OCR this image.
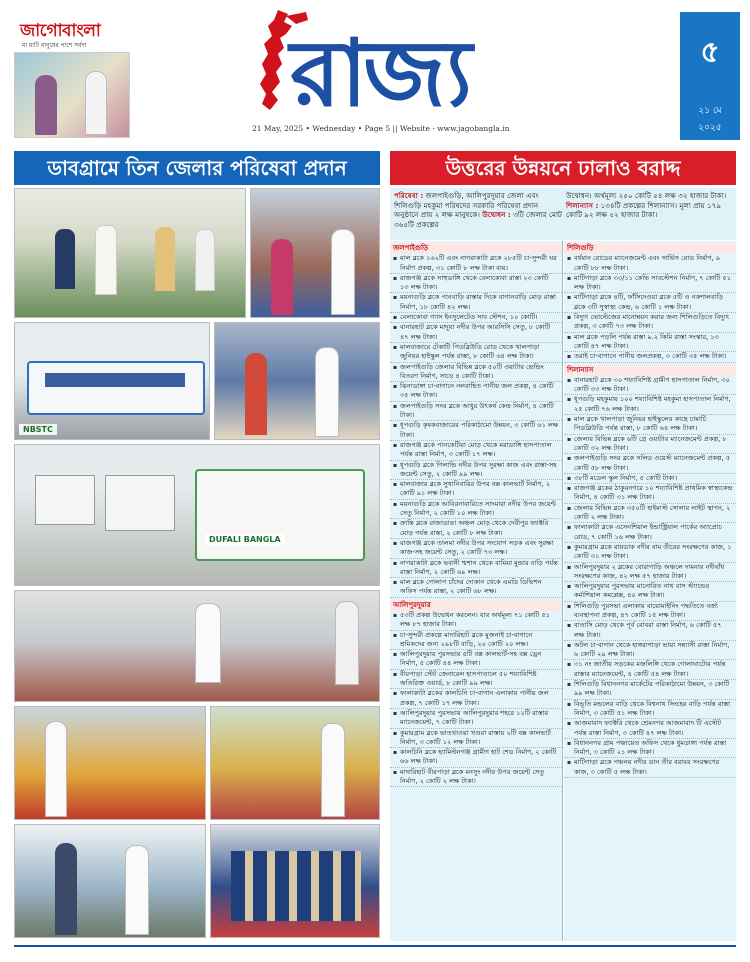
জাগোবাংলা
মা মাটি মানুষের পাশে সর্বদা রাজ্য
21 May, 2025 • Wednesday • Page 5 || Website - www.jagobangla.in
৫
২১ মে
২০২৫
ডাবগ্রামে তিন জেলার পরিষেবা প্রদান	উত্তরের উন্নয়নে ঢালাও বরাদ্দ
NBSTC
DUFALI BANGLA
পরিষেবা : জলপাইগুড়ি, আলিপুরদুয়ার জেলা এবং শিলিগুড়ি মহকুমা পরিষদের সরকারি পরিষেবা প্রদান অনুষ্ঠানে প্রায় ২ লক্ষ মানুষকে। উদ্বোধন : ৩টি জেলার মোট ৩৬৫টি প্রকল্পের
উদ্বোধন। অর্থমূল্য ২৫০ কোটি ৫৪ লক্ষ ৩২ হাজার টাকা। শিলান্যাস : ১৩৪টি প্রকল্পের শিলান্যাস। মূল্য প্রায় ১৭৯ কোটি ৯২ লক্ষ ৫২ হাজার টাকা।
জলপাইগুড়ি
▪ মাল ব্লকে ১৬২টি এবং নাগরাকাটা ব্লকে ২৮৫টি চা-সুন্দরী ঘর নির্মাণ প্রকল্প, ৩১ কোটি ৮ লক্ষ টাকা ব্যয়।
▪ রাজগঞ্জ ব্লকে সাহুডাঙ্গি থেকে বেলাকোবা রাস্তা ২৩ কোটি ১৩ লক্ষ টাকা।
▪ ময়নাগুড়ি ব্লকে পানবাড়ি রাস্তার দিকে বাগানবাড়ি মোড় রাস্তা নির্মাণ, ১৮ কোটি ৪২ লক্ষ।
▪ বেলাকোবা গ্যাস ইনসুলেটেড সাব স্টেশন, ১০ কোটি।
▪ বানারহাট ব্লকে মাদুয়া নদীর উপর আরসিসি সেতু, ৮ কোটি ৪৭ লক্ষ টাকা।
▪ মালবাজারে টেকাটি পিডব্লিউডি রোড থেকে খালপাড়া জুনিয়র হাইস্কুল পর্যন্ত রাস্তা, ৮ কোটি ৬৪ লক্ষ টাকা।
▪ জলপাইগুড়ি জেলার বিভিন্ন ব্লকে ৫০টি ওয়াটার ভেন্ডিং বিতরণ নির্মাণ, সাড়ে ৪ কোটি টাকা।
▪ ঝিনাডাঙ্গা চা-বাগানে নলবাহিত পানীয় জল প্রকল্প, ৪ কোটি ৩৫ লক্ষ টাকা।
▪ জলপাইগুড়ি সদর ব্লকে আধুর উৎকর্ষ কেন্দ্র নির্মাণ, ৪ কোটি টাকা।
▪ ধূপগুড়ি কৃষকবাজারের পরিকাঠামো উন্নয়ন, ৩ কোটি ৬১ লক্ষ টাকা।
▪ রাজগঞ্জ ব্লকে পানকেটিয়া মোড় থেকে মরাডাঙ্গি হাসপাতাল পর্যন্ত রাস্তা নির্মাণ, ৩ কোটি ১৭ লক্ষ।
▪ ধূপগুড়ি ব্লকে গিলান্ডি নদীর উপর সুরক্ষা কাজ এবং রাস্তা-সহ জয়েন্ট সেতু, ২ কোটি ৯৯ লক্ষ।
▪ মালবাজার ব্লকে সুখানিবারির উপর বক্স কালভার্ট নির্মাণ, ২ কোটি ৯১ লক্ষ টাকা।
▪ ময়নাগুড়ি ব্লকে আবিরনাবারিতে সাদমারা নদীর উপর জয়েন্ট সেতু নির্মাণ, ২ কোটি ১০ লক্ষ টাকা।
▪ ক্রান্তি ব্লকে রাজাডাঙা অঞ্চল মোড় থেকে দেবীপুর ফ্যাক্টরি মোড় পর্যন্ত রাস্তা, ২ কোটি ৮ লক্ষ টাকা।
▪ রাজগঞ্জ ব্লকে তালমা নদীর উপর সংযোগ সড়ক এবং সুরক্ষা কাজ-সহ জয়েন্ট সেতু, ২ কোটি ৭৩ লক্ষ।
▪ নাগরাকাটা ব্লকে ভবানী শ্মশান থেকে বামিয়া মুন্ডার বাড়ি পর্যন্ত রাস্তা নির্মাণ, ২ কোটি ৬৯ লক্ষ।
▪ মাল ব্লকে গোলাপ চাঁদের দোকান থেকে এমডি ডিভিশন অফিস পর্যন্ত রাস্তা, ২ কোটি ৬৮ লক্ষ।
আলিপুরদুয়ার
▪ ৫৩টি প্রকল্প উদ্বোধন করলেন। যার অর্থমূল্য ৭১ কোটি ৫১ লক্ষ ৮৭ হাজার টাকা।
▪ চা-সুন্দরী প্রকল্পে মাদারিহাট ব্লকে মুজনাই চা-বাগানে শ্রমিকদের জন্য ২৯৮টি বাড়ি, ২০ কোটি ২০ লক্ষ।
▪ আলিপুরদুয়ার পুরসভার ৫টি বক্স কালভার্ট-সহ বক্স ড্রেন নির্মাণ, ৫ কোটি ৪৪ লক্ষ টাকা।
▪ বীরপাড়া স্টেট জেনারেল হাসপাতালে ৫০ শয্যাবিশিষ্ট অতিরিক্ত ওয়ার্ড, ৮ কোটি ৯৯ লক্ষ।
▪ ফালাকাটা ব্লকের কালচিনি চা-বাগান এলাকায় পানীয় জল প্রকল্প, ৭ কোটি ১৭ লক্ষ টাকা।
▪ আলিপুরদুয়ার পুরসভায় আলিপুরদুয়ার শহরে ১২টি রাস্তার ম্যানেজমেন্ট, ৭ কোটি টাকা।
▪ কুমারগ্রাম ব্লকে ভাতখাওয়া খণ্ডরা রাস্তায় ২টি বক্স কালভার্ট নির্মাণ, ৩ কোটি ১২ লক্ষ টাকা।
▪ কালচিনি ব্লকে হ্যামিল্টনগঞ্জ গ্রামীণ হাট শেড নির্মাণ, ২ কোটি ৬৬ লক্ষ টাকা।
▪ মাদারিহাট বীরপাড়া ব্লকে মনসুং নদীর উপর জয়েন্ট সেতু নির্মাণ, ২ কোটি ২ লক্ষ টাকা।
শিলিগুড়ি
▪ বর্ধমান রোডের ম্যানেজমেন্ট এবং সার্ভিস রোড নির্মাণ, ৯ কোটি ৮৮ লক্ষ টাকা।
▪ মাটিগাড়া ব্লকে ৩৩/১১ কেভি সাবস্টেশন নির্মাণ, ৭ কোটি ৫১ লক্ষ টাকা।
▪ মাটিগাড়া ব্লকে ৪টি, ফাঁসিদেওয়া ব্লকে ৫টি ও নকশালবাড়ি ব্লকে ৩টি সুস্বাস্থ্য কেন্দ্র, ৬ কোটি ১ লক্ষ টাকা।
▪ বিদ্যুৎ ভোল্টেজের মানোন্নয়ন করার জন্য শিলিগুড়িতে বিদ্যুৎ প্রকল্প, ৩ কোটি ৭৩ লক্ষ টাকা।
▪ মাল ব্লকে পড়লি পর্যন্ত রাস্তা ৯.২ কিমি রাস্তা সংস্কার, ১৩ কোটি ৪৭ লক্ষ টাকা।
▪ তরাই চা-বাগানে পানীয় জলপ্রকল্প, ৩ কোটি ৩৫ লক্ষ টাকা।
শিলান্যাস
▪ বানারহাট ব্লকে ৩০ শয্যাবিশিষ্ট গ্রামীণ হাসপাতাল নির্মাণ, ৩০ কোটি ৩৩ লক্ষ টাকা।
▪ ধূপগুড়ি মহকুমায় ১০০ শয্যাবিশিষ্ট মহকুমা হাসপাতাল নির্মাণ, ২৫ কোটি ৭৬ লক্ষ টাকা।
▪ মাল ব্লকে খালপাড়া জুনিয়র হাইস্কুলের কাছে চামার্চি পিডব্লিউডি পর্যন্ত রাস্তা, ৮ কোটি ৬৪ লক্ষ টাকা।
▪ জেলার বিভিন্ন ব্লকে ৬টি গ্রে ওয়াটার ম্যানেজমেন্ট প্রকল্প, ৮ কোটি ৩২ লক্ষ টাকা।
▪ জলপাইগুড়ি সদর ব্লকে সলিড ওয়েস্ট ম্যানেজমেন্ট প্রকল্প, ৫ কোটি ৫৮ লক্ষ টাকা।
▪ ৩৮টি মডেল স্কুল নির্মাণ, ৫ কোটি টাকা।
▪ রাজগঞ্জ ব্লকের ঠাকুরনগরে ১০ শয্যাবিশিষ্ট প্রাথমিক স্বাস্থ্যকেন্দ্র নির্মাণ, ৪ কোটি ৩১ লক্ষ টাকা।
▪ জেলার বিভিন্ন ব্লকে ৩৫০টি হাইমাস্ট সোলার লাইট স্থাপন, ২ কোটি ২ লক্ষ টাকা।
▪ ফালাকাটা ব্লকে এসেনশিয়াল ইন্ডাস্ট্রিয়াল পার্কের অ্যাপ্রোচ রোড, ৭ কোটি ১৬ লক্ষ টাকা।
▪ কুমারগ্রাম ব্লকে রায়ডাক নদীর বাম তীরের সংরক্ষণের কাজ, ১ কোটি ৩১ লক্ষ টাকা।
▪ আলিপুরদুয়ার ২ ব্লকের বোরাগাড়ি অঞ্চলে দামনার নদীবাঁধ সংরক্ষণের কাজ, ৪২ লক্ষ ৫৭ হাজার টাকা।
▪ আলিপুরদুয়ার পুরসভায় মানোরিত নাথ বাস স্ট্যান্ডের কর্মাশিয়াল কমপ্লেক্স, ৪০ লক্ষ টাকা।
▪ শিলিগুড়ি পুরসভা এলাকায় বায়োমাইনিং পদ্ধতিতে বর্জ্য ব্যবস্থাপনা প্রকল্প, ৪৭ কোটি ১৫ লক্ষ টাকা।
▪ বাতাসি মোড় থেকে পূর্ব বোবরা রাস্তা নির্মাণ, ৬ কোটি ৫৭ লক্ষ টাকা।
▪ অটল চা-বাগান থেকে হাঙ্গরাগাড়া ভায়া সন্ন্যাসী রাস্তা নির্মাণ, ৬ কোটি ২৯ লক্ষ টাকা।
▪ ৩১ নং জাতীয় সড়কের মজলিঙ্গি থেকে গোলাঘাটোর পর্যন্ত রাস্তার ম্যানেজমেন্ট, ৪ কোটি ৫৪ লক্ষ টাকা।
▪ শিলিগুড়ি বিধাননগর মার্কেটের পরিকাঠামো উন্নয়ন, ৩ কোটি ৯৯ লক্ষ টাকা।
▪ বিভূতি মন্ডলের বাড়ি থেকে বিশ্বনাথ সিংহের বাড়ি পর্যন্ত রাস্তা নির্মাণ, ৩ কোটি ৫১ লক্ষ টাকা।
▪ আজমাবাদ ফ্যাক্টরি থেকে শ্রেমনগর আজমাবাদ টি এস্টেট পর্যন্ত রাস্তা নির্মাণ, ৩ কোটি ৪৭ লক্ষ টাকা।
▪ বিধাননগর গ্রাম পঞ্চায়েত অফিস থেকে ধুমডাঙ্গা পর্যন্ত রাস্তা নির্মাণ, ৩ কোটি ২১ লক্ষ টাকা।
▪ মাটিগাড়া ব্লকে পঞ্চনয় নদীর ডান তীর বরাবর সংরক্ষণের কাজ, ৩ কোটি ৫ লক্ষ টাকা।
